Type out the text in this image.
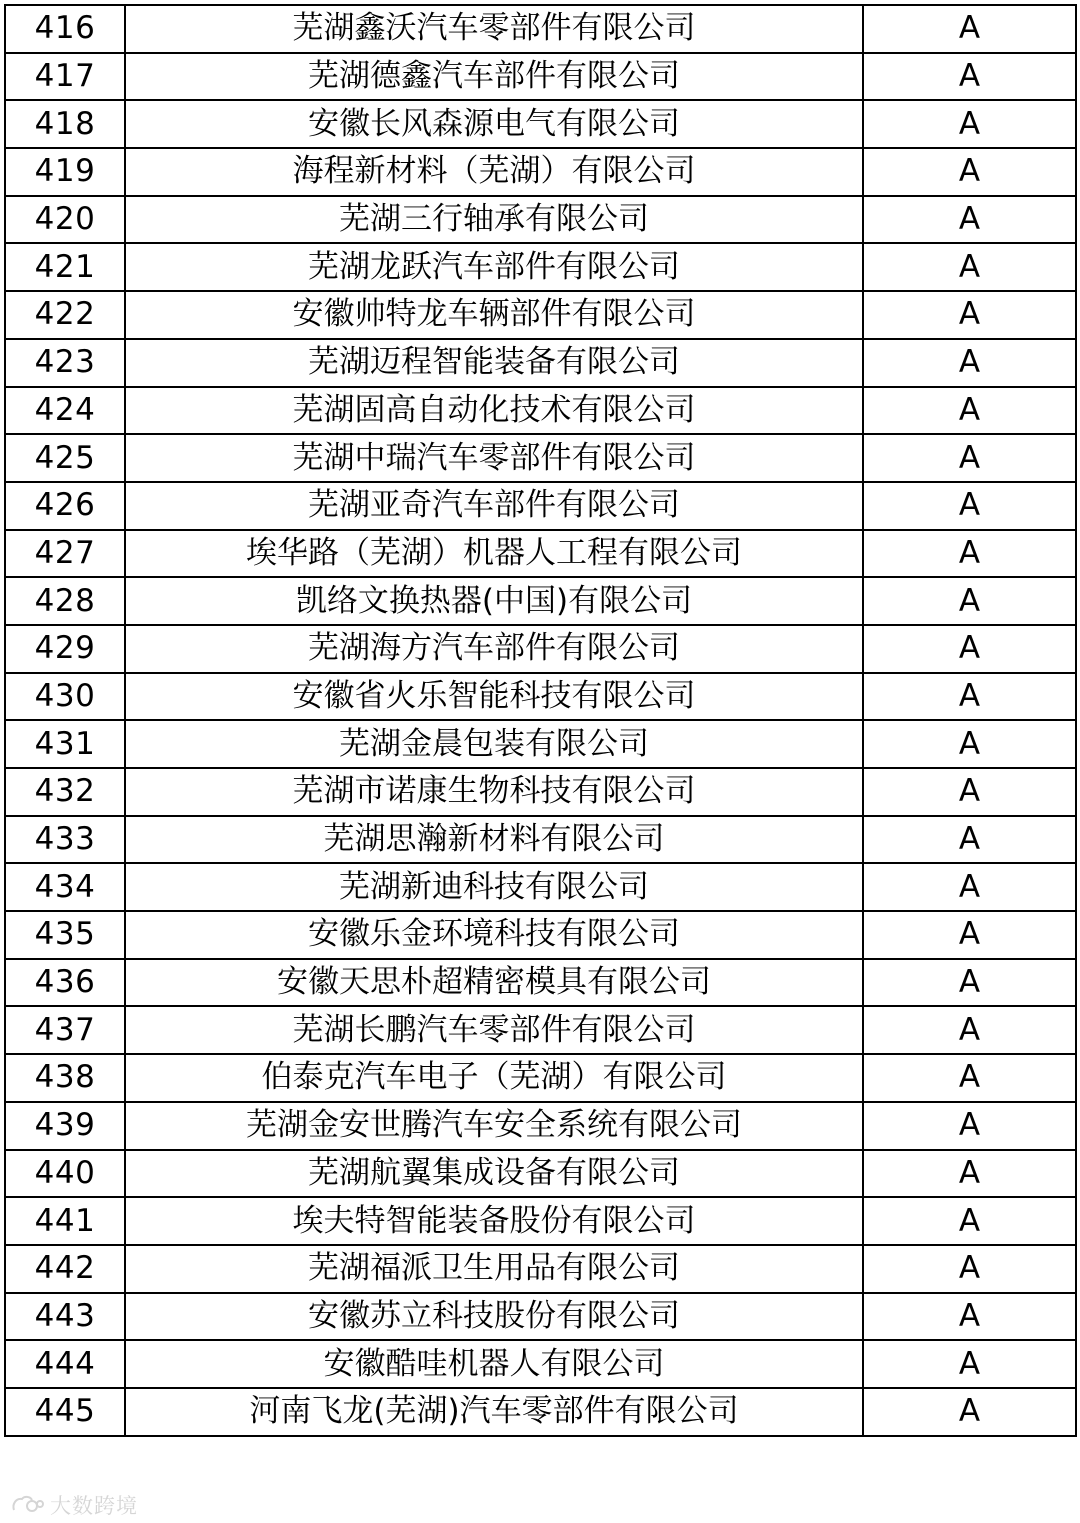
416	芜湖鑫沃汽车零部件有限公司	A
417	芜湖德鑫汽车部件有限公司	A
418	安徽长风森源电气有限公司	A
419	海程新材料（芜湖）有限公司	A
420	芜湖三行轴承有限公司	A
421	芜湖龙跃汽车部件有限公司	A
422	安徽帅特龙车辆部件有限公司	A
423	芜湖迈程智能装备有限公司	A
424	芜湖固高自动化技术有限公司	A
425	芜湖中瑞汽车零部件有限公司	A
426	芜湖亚奇汽车部件有限公司	A
427	埃华路（芜湖）机器人工程有限公司	A
428	凯络文换热器(中国)有限公司	A
429	芜湖海方汽车部件有限公司	A
430	安徽省火乐智能科技有限公司	A
431	芜湖金晨包装有限公司	A
432	芜湖市诺康生物科技有限公司	A
433	芜湖思瀚新材料有限公司	A
434	芜湖新迪科技有限公司	A
435	安徽乐金环境科技有限公司	A
436	安徽天思朴超精密模具有限公司	A
437	芜湖长鹏汽车零部件有限公司	A
438	伯泰克汽车电子（芜湖）有限公司	A
439	芜湖金安世腾汽车安全系统有限公司	A
440	芜湖航翼集成设备有限公司	A
441	埃夫特智能装备股份有限公司	A
442	芜湖福派卫生用品有限公司	A
443	安徽苏立科技股份有限公司	A
444	安徽酷哇机器人有限公司	A
445	河南飞龙(芜湖)汽车零部件有限公司	A
大数跨境
